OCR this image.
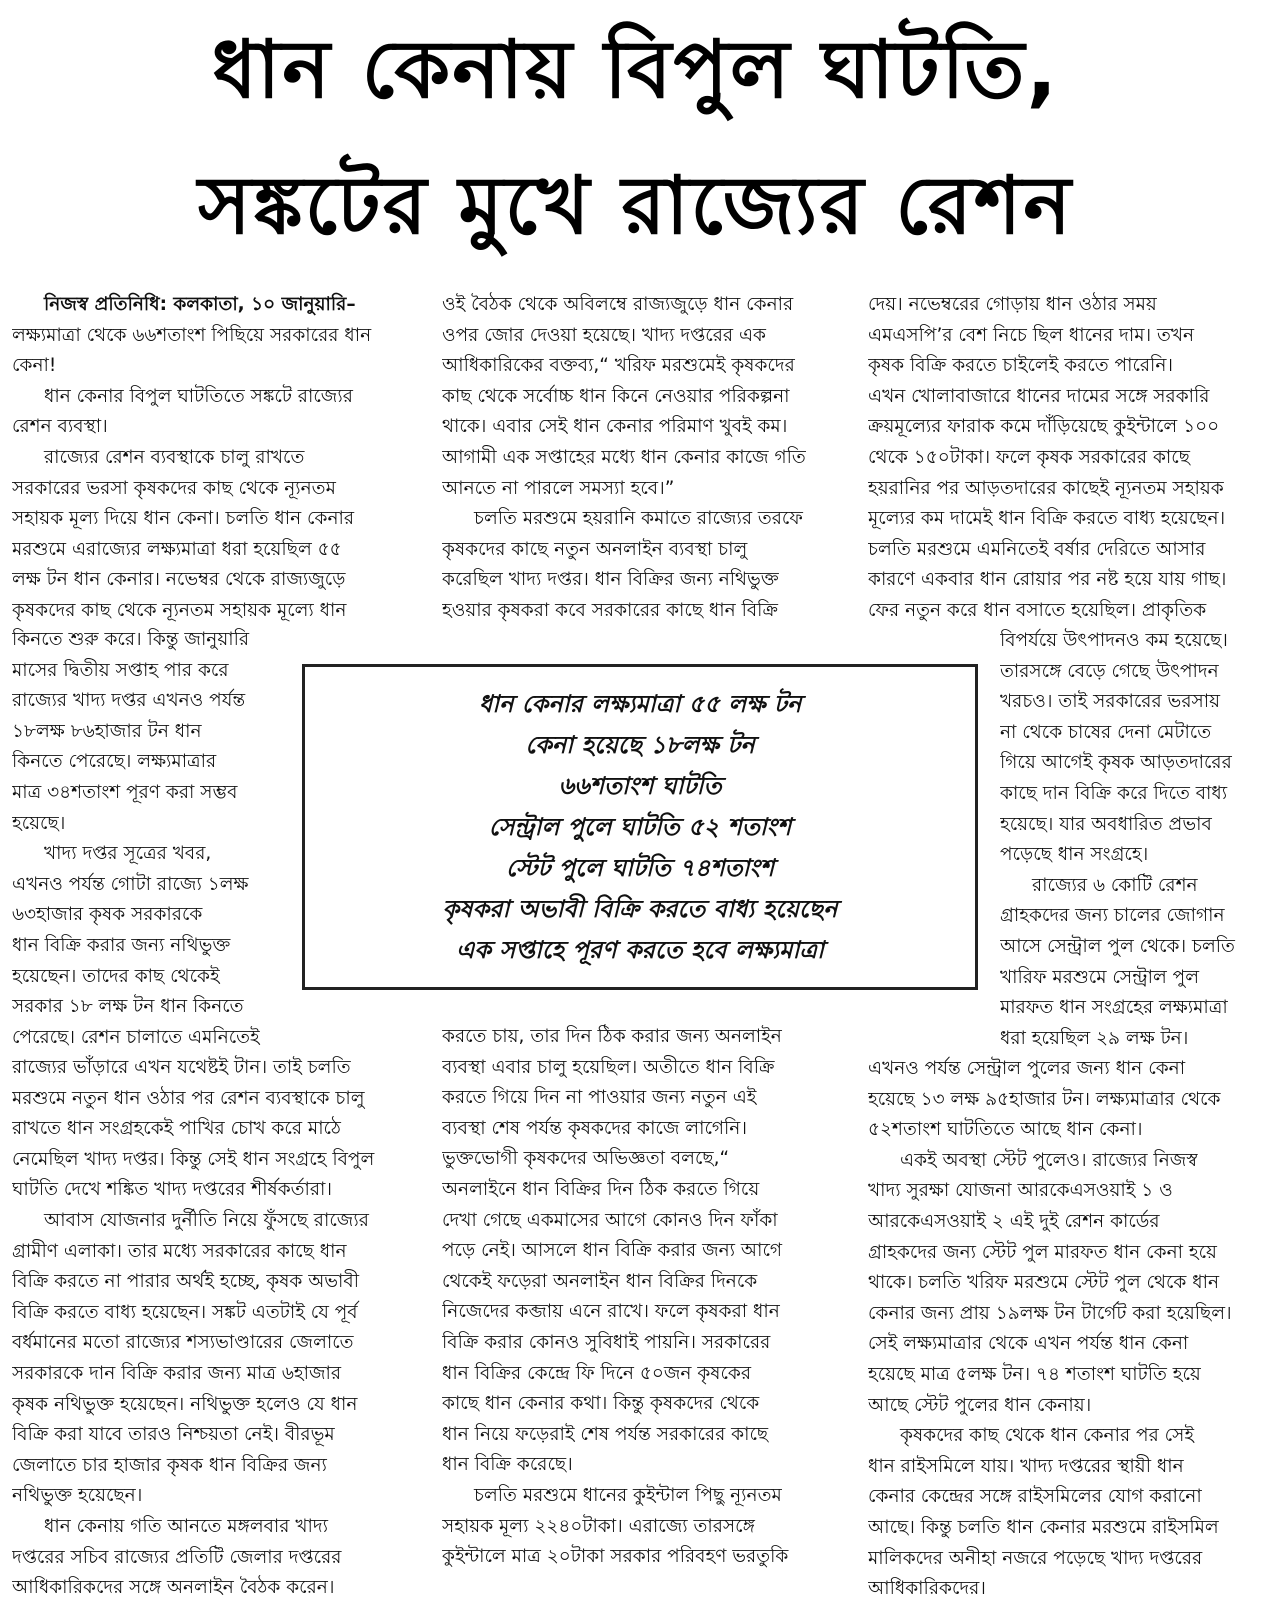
ধান কেনায় বিপুল ঘাটতি,
সঙ্কটের মুখে রাজ্যের রেশন
নিজস্ব প্রতিনিধি: কলকাতা, ১০ জানুয়ারি–
লক্ষ্যমাত্রা থেকে ৬৬শতাংশ পিছিয়ে সরকারের ধান
কেনা!
ধান কেনার বিপুল ঘাটতিতে সঙ্কটে রাজ্যের
রেশন ব্যবস্থা।
রাজ্যের রেশন ব্যবস্থাকে চালু রাখতে
সরকারের ভরসা কৃষকদের কাছ থেকে ন্যূনতম
সহায়ক মূল্য দিয়ে ধান কেনা। চলতি ধান কেনার
মরশুমে এরাজ্যের লক্ষ্যমাত্রা ধরা হয়েছিল ৫৫
লক্ষ টন ধান কেনার। নভেম্বর থেকে রাজ্যজুড়ে
কৃষকদের কাছ থেকে ন্যূনতম সহায়ক মূল্যে ধান
কিনতে শুরু করে। কিন্তু জানুয়ারি
মাসের দ্বিতীয় সপ্তাহ পার করে
রাজ্যের খাদ্য দপ্তর এখনও পর্যন্ত
১৮লক্ষ ৮৬হাজার টন ধান
কিনতে পেরেছে। লক্ষ্যমাত্রার
মাত্র ৩৪শতাংশ পূরণ করা সম্ভব
হয়েছে।
খাদ্য দপ্তর সূত্রের খবর,
এখনও পর্যন্ত গোটা রাজ্যে ১লক্ষ
৬৩হাজার কৃষক সরকারকে
ধান বিক্রি করার জন্য নথিভুক্ত
হয়েছেন। তাদের কাছ থেকেই
সরকার ১৮ লক্ষ টন ধান কিনতে
পেরেছে। রেশন চালাতে এমনিতেই
রাজ্যের ভাঁড়ারে এখন যথেষ্টই টান। তাই চলতি
মরশুমে নতুন ধান ওঠার পর রেশন ব্যবস্থাকে চালু
রাখতে ধান সংগ্রহকেই পাখির চোখ করে মাঠে
নেমেছিল খাদ্য দপ্তর। কিন্তু সেই ধান সংগ্রহে বিপুল
ঘাটতি দেখে শঙ্কিত খাদ্য দপ্তরের শীর্ষকর্তারা।
আবাস যোজনার দুর্নীতি নিয়ে ফুঁসছে রাজ্যের
গ্রামীণ এলাকা। তার মধ্যে সরকারের কাছে ধান
বিক্রি করতে না পারার অর্থই হচ্ছে, কৃষক অভাবী
বিক্রি করতে বাধ্য হয়েছেন। সঙ্কট এতটাই যে পূর্ব
বর্ধমানের মতো রাজ্যের শস্যভাণ্ডারের জেলাতে
সরকারকে দান বিক্রি করার জন্য মাত্র ৬হাজার
কৃষক নথিভুক্ত হয়েছেন। নথিভুক্ত হলেও যে ধান
বিক্রি করা যাবে তারও নিশ্চয়তা নেই। বীরভূম
জেলাতে চার হাজার কৃষক ধান বিক্রির জন্য
নথিভুক্ত হয়েছেন।
ধান কেনায় গতি আনতে মঙ্গলবার খাদ্য
দপ্তরের সচিব রাজ্যের প্রতিটি জেলার দপ্তরের
আধিকারিকদের সঙ্গে অনলাইন বৈঠক করেন।
ওই বৈঠক থেকে অবিলম্বে রাজ্যজুড়ে ধান কেনার
ওপর জোর দেওয়া হয়েছে। খাদ্য দপ্তরের এক
আধিকারিকের বক্তব্য,“ খরিফ মরশুমেই কৃষকদের
কাছ থেকে সর্বোচ্চ ধান কিনে নেওয়ার পরিকল্পনা
থাকে। এবার সেই ধান কেনার পরিমাণ খুবই কম।
আগামী এক সপ্তাহের মধ্যে ধান কেনার কাজে গতি
আনতে না পারলে সমস্যা হবে।”
চলতি মরশুমে হয়রানি কমাতে রাজ্যের তরফে
কৃষকদের কাছে নতুন অনলাইন ব্যবস্থা চালু
করেছিল খাদ্য দপ্তর। ধান বিক্রির জন্য নথিভুক্ত
হওয়ার কৃষকরা কবে সরকারের কাছে ধান বিক্রি
করতে চায়, তার দিন ঠিক করার জন্য অনলাইন
ব্যবস্থা এবার চালু হয়েছিল। অতীতে ধান বিক্রি
করতে গিয়ে দিন না পাওয়ার জন্য নতুন এই
ব্যবস্থা শেষ পর্যন্ত কৃষকদের কাজে লাগেনি।
ভুক্তভোগী কৃষকদের অভিজ্ঞতা বলছে,“
অনলাইনে ধান বিক্রির দিন ঠিক করতে গিয়ে
দেখা গেছে একমাসের আগে কোনও দিন ফাঁকা
পড়ে নেই। আসলে ধান বিক্রি করার জন্য আগে
থেকেই ফড়েরা অনলাইন ধান বিক্রির দিনকে
নিজেদের কব্জায় এনে রাখে। ফলে কৃষকরা ধান
বিক্রি করার কোনও সুবিধাই পায়নি। সরকারের
ধান বিক্রির কেন্দ্রে ফি দিনে ৫০জন কৃষকের
কাছে ধান কেনার কথা। কিন্তু কৃষকদের থেকে
ধান নিয়ে ফড়েরাই শেষ পর্যন্ত সরকারের কাছে
ধান বিক্রি করেছে।
চলতি মরশুমে ধানের কুইন্টাল পিছু ন্যূনতম
সহায়ক মূল্য ২২৪০টাকা। এরাজ্যে তারসঙ্গে
কুইন্টালে মাত্র ২০টাকা সরকার পরিবহণ ভরতুকি
দেয়। নভেম্বরের গোড়ায় ধান ওঠার সময়
এমএসপি’র বেশ নিচে ছিল ধানের দাম। তখন
কৃষক বিক্রি করতে চাইলেই করতে পারেনি।
এখন খোলাবাজারে ধানের দামের সঙ্গে সরকারি
ক্রয়মূল্যের ফারাক কমে দাঁড়িয়েছে কুইন্টালে ১০০
থেকে ১৫০টাকা। ফলে কৃষক সরকারের কাছে
হয়রানির পর আড়তদারের কাছেই ন্যূনতম সহায়ক
মূল্যের কম দামেই ধান বিক্রি করতে বাধ্য হয়েছেন।
চলতি মরশুমে এমনিতেই বর্ষার দেরিতে আসার
কারণে একবার ধান রোয়ার পর নষ্ট হয়ে যায় গাছ।
ফের নতুন করে ধান বসাতে হয়েছিল। প্রাকৃতিক
বিপর্যয়ে উৎপাদনও কম হয়েছে।
তারসঙ্গে বেড়ে গেছে উৎপাদন
খরচও। তাই সরকারের ভরসায়
না থেকে চাষের দেনা মেটাতে
গিয়ে আগেই কৃষক আড়তদারের
কাছে দান বিক্রি করে দিতে বাধ্য
হয়েছে। যার অবধারিত প্রভাব
পড়েছে ধান সংগ্রহে।
রাজ্যের ৬ কোটি রেশন
গ্রাহকদের জন্য চালের জোগান
আসে সেন্ট্রাল পুল থেকে। চলতি
খারিফ মরশুমে সেন্ট্রাল পুল
মারফত ধান সংগ্রহের লক্ষ্যমাত্রা
ধরা হয়েছিল ২৯ লক্ষ টন।
এখনও পর্যন্ত সেন্ট্রাল পুলের জন্য ধান কেনা
হয়েছে ১৩ লক্ষ ৯৫হাজার টন। লক্ষ্যমাত্রার থেকে
৫২শতাংশ ঘাটতিতে আছে ধান কেনা।
একই অবস্থা স্টেট পুলেও। রাজ্যের নিজস্ব
খাদ্য সুরক্ষা যোজনা আরকেএসওয়াই ১ ও
আরকেএসওয়াই ২ এই দুই রেশন কার্ডের
গ্রাহকদের জন্য স্টেট পুল মারফত ধান কেনা হয়ে
থাকে। চলতি খরিফ মরশুমে স্টেট পুল থেকে ধান
কেনার জন্য প্রায় ১৯লক্ষ টন টার্গেট করা হয়েছিল।
সেই লক্ষ্যমাত্রার থেকে এখন পর্যন্ত ধান কেনা
হয়েছে মাত্র ৫লক্ষ টন। ৭৪ শতাংশ ঘাটতি হয়ে
আছে স্টেট পুলের ধান কেনায়।
কৃষকদের কাছ থেকে ধান কেনার পর সেই
ধান রাইসমিলে যায়। খাদ্য দপ্তরের স্থায়ী ধান
কেনার কেন্দ্রের সঙ্গে রাইসমিলের যোগ করানো
আছে। কিন্তু চলতি ধান কেনার মরশুমে রাইসমিল
মালিকদের অনীহা নজরে পড়েছে খাদ্য দপ্তরের
আধিকারিকদের।
ধান কেনার লক্ষ্যমাত্রা ৫৫ লক্ষ টন
কেনা হয়েছে ১৮লক্ষ টন
৬৬শতাংশ ঘাটতি
সেন্ট্রাল পুলে ঘাটতি ৫২ শতাংশ
স্টেট পুলে ঘাটতি ৭৪শতাংশ
কৃষকরা অভাবী বিক্রি করতে বাধ্য হয়েছেন
এক সপ্তাহে পূরণ করতে হবে লক্ষ্যমাত্রা
